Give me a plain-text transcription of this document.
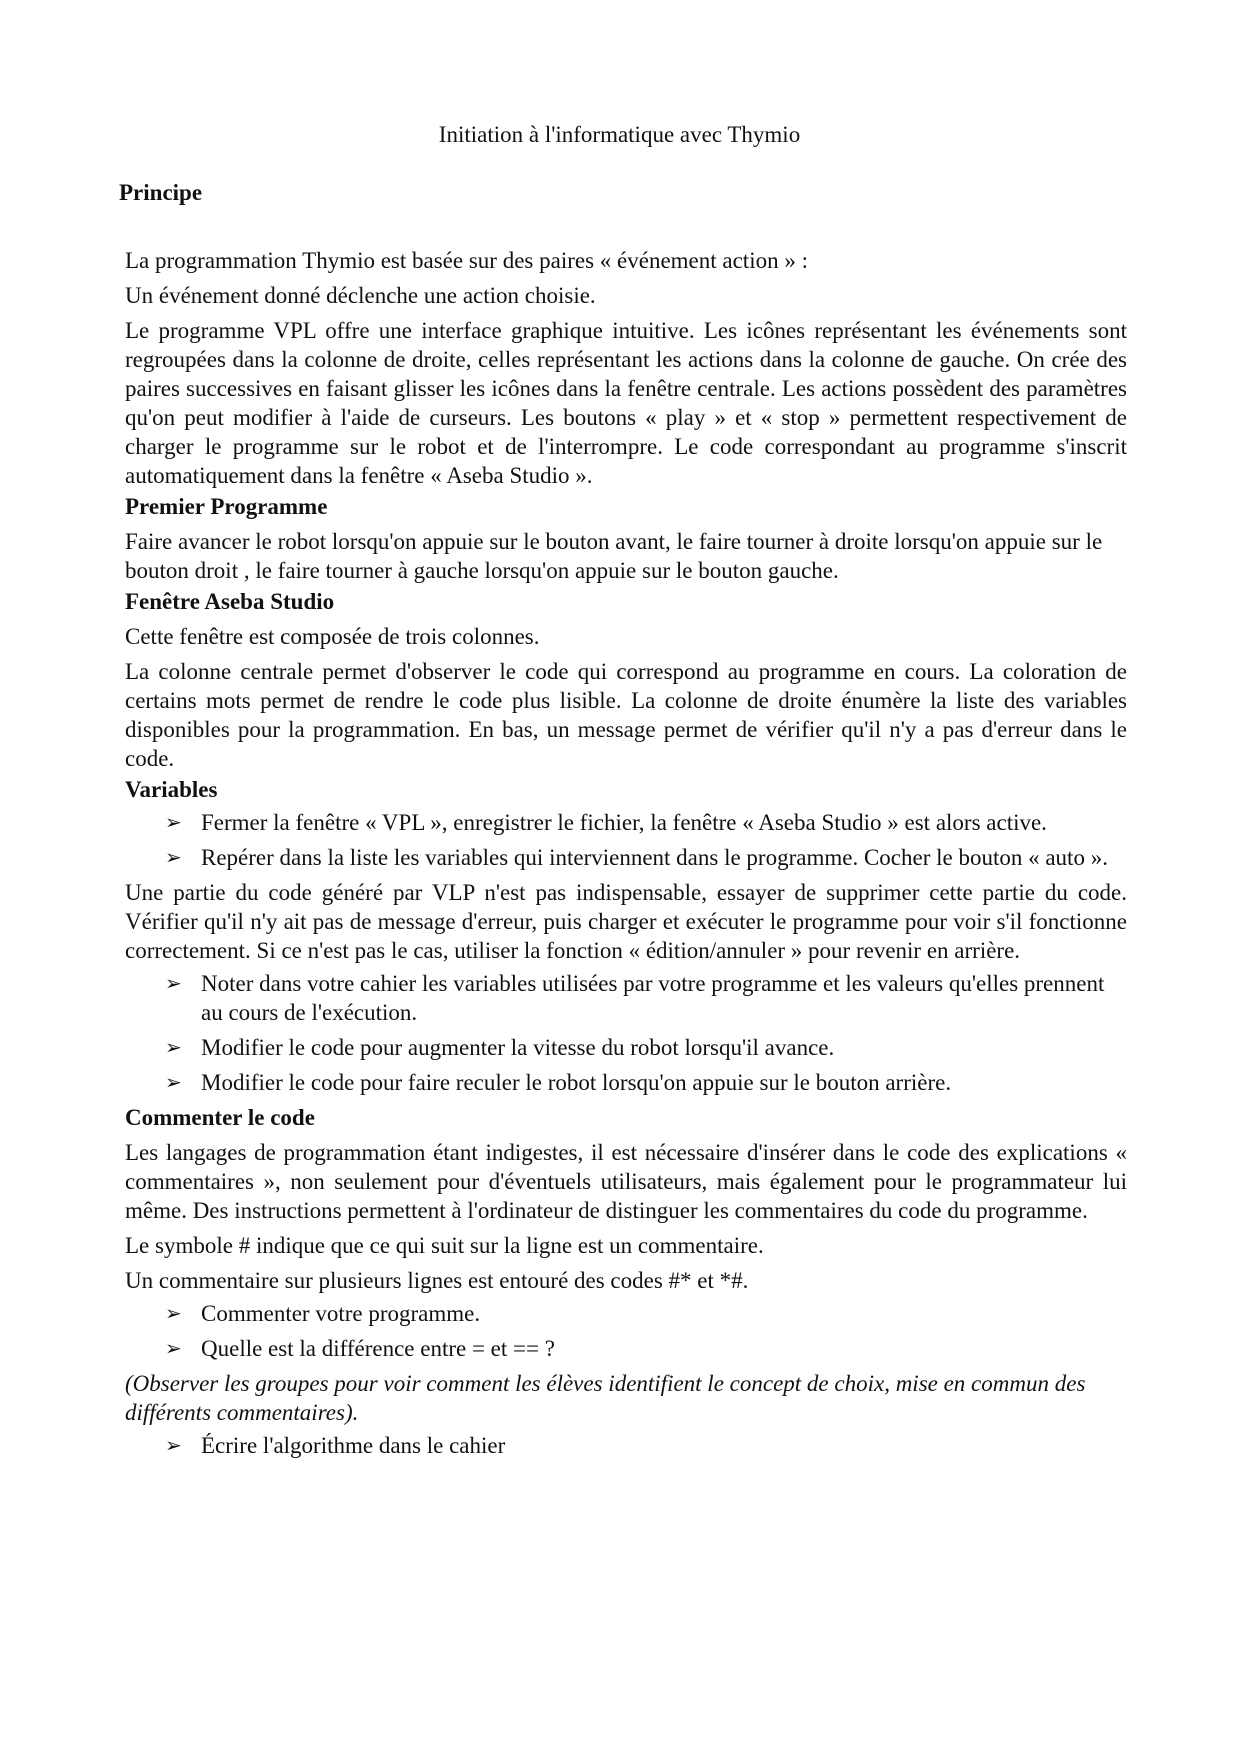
Initiation à l'informatique avec Thymio
Principe

La programmation Thymio est basée sur des paires « événement action » :

Un événement donné déclenche une action choisie.

Le programme VPL offre une interface graphique intuitive. Les icônes représentant les événements sont regroupées dans la colonne de droite, celles représentant les actions dans la colonne de gauche. On crée des paires successives en faisant glisser les icônes dans la fenêtre centrale. Les actions possèdent des paramètres qu'on peut modifier à l'aide de curseurs. Les boutons « play » et « stop » permettent respectivement de charger le programme sur le robot et de l'interrompre. Le code correspondant au programme s'inscrit automatiquement dans la fenêtre « Aseba Studio ».

Premier Programme

Faire avancer le robot lorsqu'on appuie sur le bouton avant, le faire tourner à droite lorsqu'on appuie sur le bouton droit , le faire tourner à gauche lorsqu'on appuie sur le bouton gauche.

Fenêtre Aseba Studio

Cette fenêtre est composée de trois colonnes.

La colonne centrale permet d'observer le code qui correspond au programme en cours. La coloration de certains mots permet de rendre le code plus lisible. La colonne de droite énumère la liste des variables disponibles pour la programmation. En bas, un message permet de vérifier qu'il n'y a pas d'erreur dans le code.

Variables

➢ Fermer la fenêtre « VPL », enregistrer le fichier, la fenêtre « Aseba Studio » est alors active.
➢ Repérer dans la liste les variables qui interviennent dans le programme. Cocher le bouton « auto ».

Une partie du code généré par VLP n'est pas indispensable, essayer de supprimer cette partie du code. Vérifier qu'il n'y ait pas de message d'erreur, puis charger et exécuter le programme pour voir s'il fonctionne correctement. Si ce n'est pas le cas, utiliser la fonction « édition/annuler » pour revenir en arrière.

➢ Noter dans votre cahier les variables utilisées par votre programme et les valeurs qu'elles prennent au cours de l'exécution.
➢ Modifier le code pour augmenter la vitesse du robot lorsqu'il avance.
➢ Modifier le code pour faire reculer le robot lorsqu'on appuie sur le bouton arrière.

Commenter le code

Les langages de programmation étant indigestes, il est nécessaire d'insérer dans le code des explications « commentaires », non seulement pour d'éventuels utilisateurs, mais également pour le programmateur lui même. Des instructions permettent à l'ordinateur de distinguer les commentaires du code du programme.

Le symbole # indique que ce qui suit sur la ligne est un commentaire.

Un commentaire sur plusieurs lignes est entouré des codes #* et *#.

➢ Commenter votre programme.
➢ Quelle est la différence entre = et == ?

(Observer les groupes pour voir comment les élèves identifient le concept de choix, mise en commun des différents commentaires).

➢ Écrire l'algorithme dans le cahier
